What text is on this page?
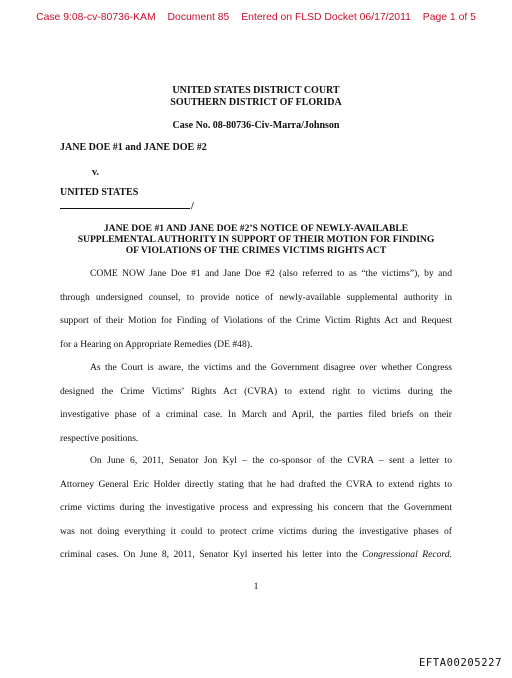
Case 9:08-cv-80736-KAM Document 85 Entered on FLSD Docket 06/17/2011 Page 1 of 5
UNITED STATES DISTRICT COURT
SOUTHERN DISTRICT OF FLORIDA
Case No. 08-80736-Civ-Marra/Johnson
JANE DOE #1 and JANE DOE #2
v.
UNITED STATES
/
JANE DOE #1 AND JANE DOE #2’S NOTICE OF NEWLY-AVAILABLE
SUPPLEMENTAL AUTHORITY IN SUPPORT OF THEIR MOTION FOR FINDING
OF VIOLATIONS OF THE CRIMES VICTIMS RIGHTS ACT
COME NOW Jane Doe #1 and Jane Doe #2 (also referred to as “the victims”), by and
through undersigned counsel, to provide notice of newly-available supplemental authority in
support of their Motion for Finding of Violations of the Crime Victim Rights Act and Request
for a Hearing on Appropriate Remedies (DE #48).
As the Court is aware, the victims and the Government disagree over whether Congress
designed the Crime Victims’ Rights Act (CVRA) to extend right to victims during the
investigative phase of a criminal case. In March and April, the parties filed briefs on their
respective positions.
On June 6, 2011, Senator Jon Kyl – the co-sponsor of the CVRA – sent a letter to
Attorney General Eric Holder directly stating that he had drafted the CVRA to extend rights to
crime victims during the investigative process and expressing his concern that the Government
was not doing everything it could to protect crime victims during the investigative phases of
criminal cases. On June 8, 2011, Senator Kyl inserted his letter into the Congressional Record.
1
EFTA00205227
